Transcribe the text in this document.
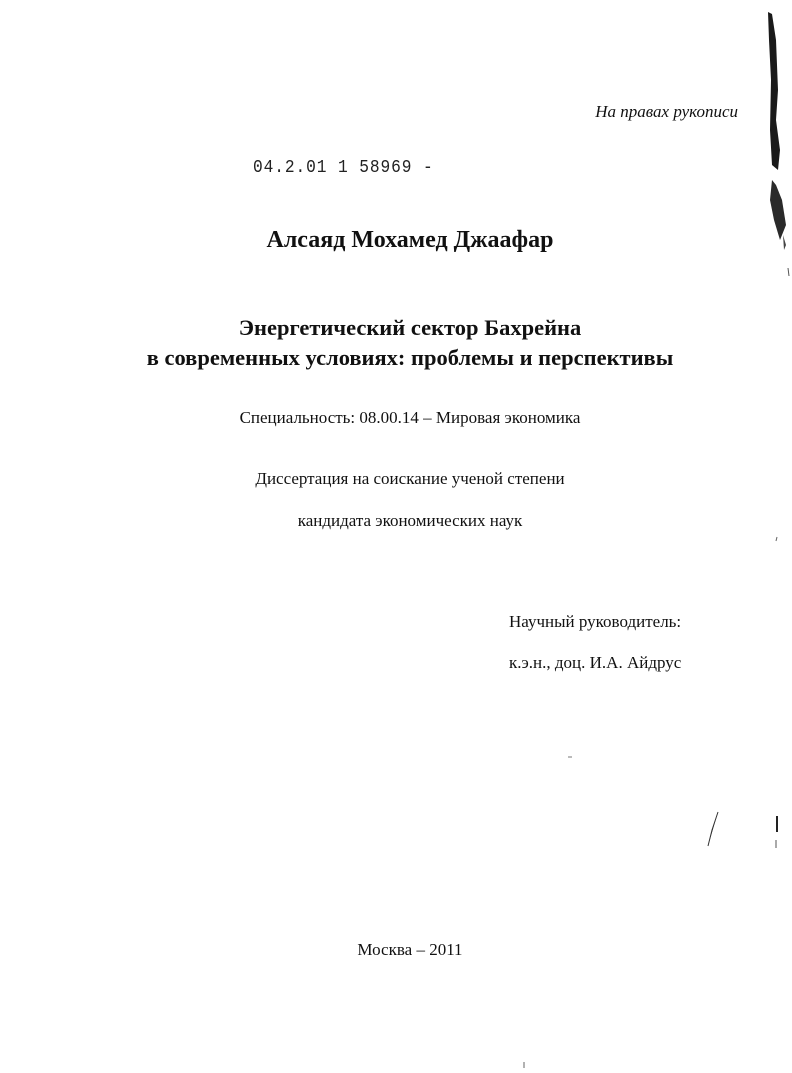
На правах рукописи
04.2.01 1 58969 -
Алсаяд Мохамед Джаафар
Энергетический сектор Бахрейна
в современных условиях: проблемы и перспективы
Специальность: 08.00.14 – Мировая экономика
Диссертация на соискание ученой степени
кандидата экономических наук
Научный руководитель:
к.э.н., доц. И.А. Айдрус
Москва – 2011
